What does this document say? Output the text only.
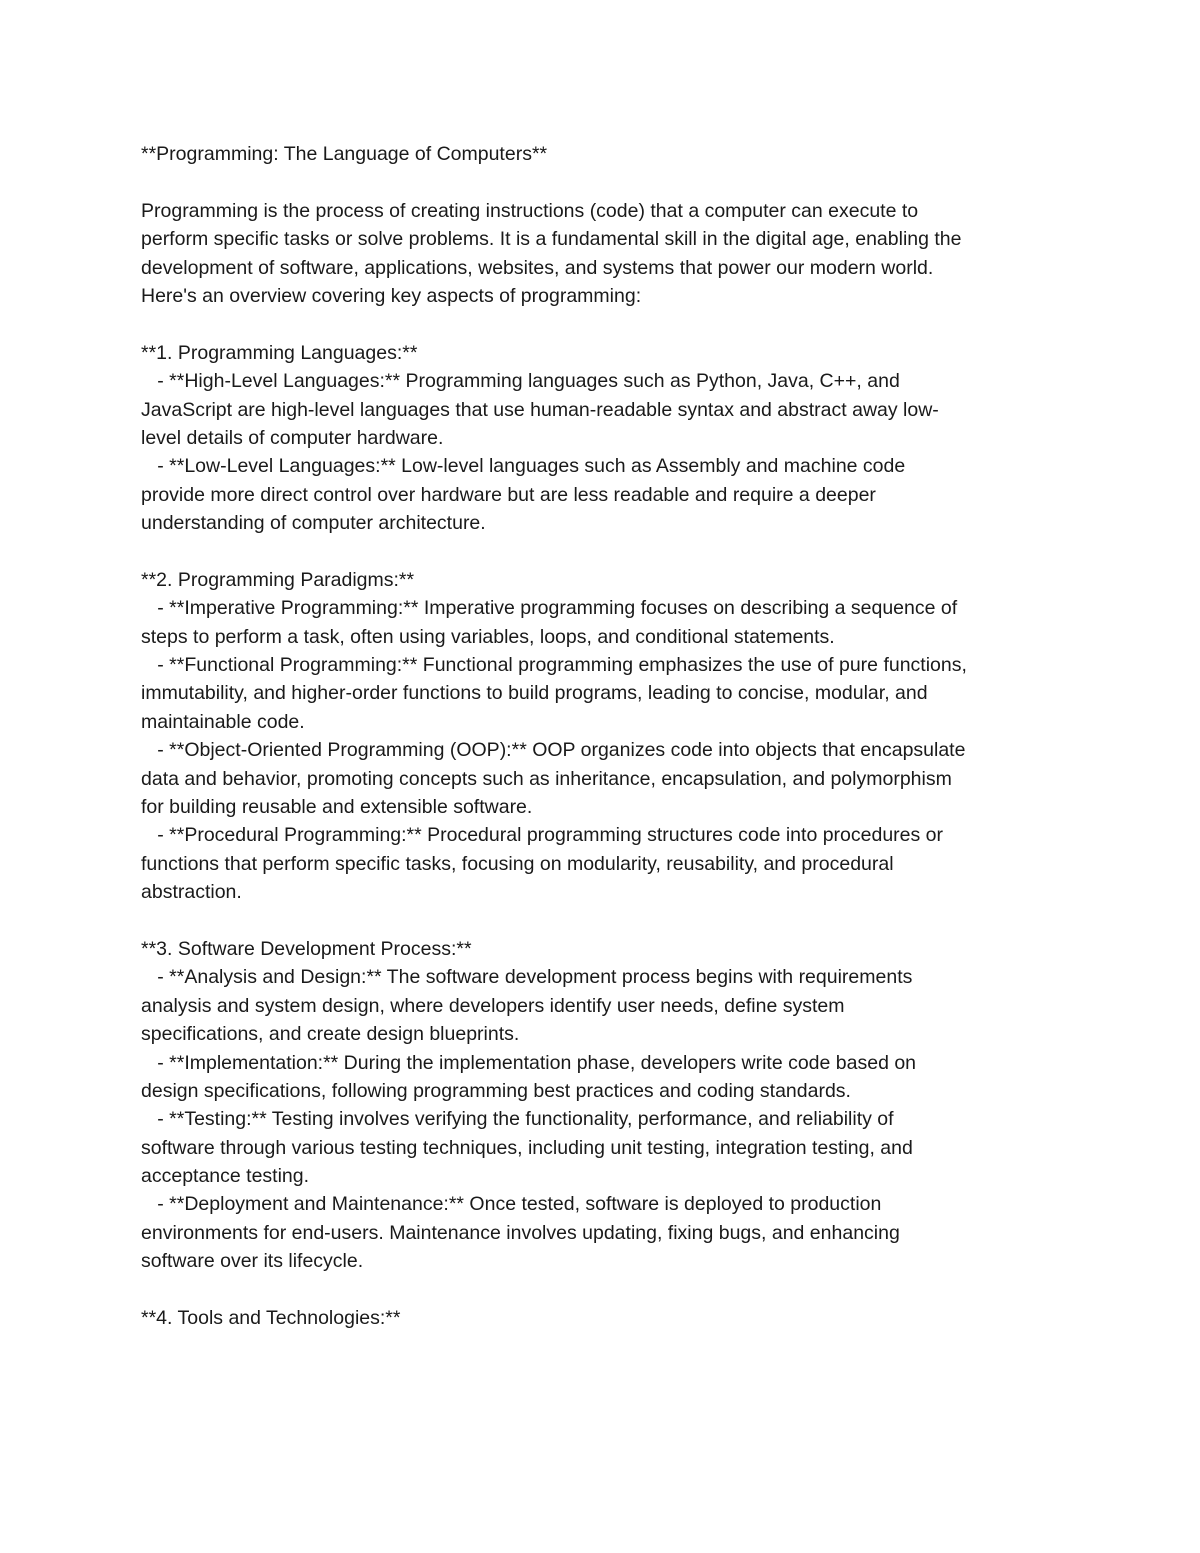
**Programming: The Language of Computers**
Programming is the process of creating instructions (code) that a computer can execute to
perform specific tasks or solve problems. It is a fundamental skill in the digital age, enabling the
development of software, applications, websites, and systems that power our modern world.
Here's an overview covering key aspects of programming:
**1. Programming Languages:**
- **High-Level Languages:** Programming languages such as Python, Java, C++, and
JavaScript are high-level languages that use human-readable syntax and abstract away low-
level details of computer hardware.
- **Low-Level Languages:** Low-level languages such as Assembly and machine code
provide more direct control over hardware but are less readable and require a deeper
understanding of computer architecture.
**2. Programming Paradigms:**
- **Imperative Programming:** Imperative programming focuses on describing a sequence of
steps to perform a task, often using variables, loops, and conditional statements.
- **Functional Programming:** Functional programming emphasizes the use of pure functions,
immutability, and higher-order functions to build programs, leading to concise, modular, and
maintainable code.
- **Object-Oriented Programming (OOP):** OOP organizes code into objects that encapsulate
data and behavior, promoting concepts such as inheritance, encapsulation, and polymorphism
for building reusable and extensible software.
- **Procedural Programming:** Procedural programming structures code into procedures or
functions that perform specific tasks, focusing on modularity, reusability, and procedural
abstraction.
**3. Software Development Process:**
- **Analysis and Design:** The software development process begins with requirements
analysis and system design, where developers identify user needs, define system
specifications, and create design blueprints.
- **Implementation:** During the implementation phase, developers write code based on
design specifications, following programming best practices and coding standards.
- **Testing:** Testing involves verifying the functionality, performance, and reliability of
software through various testing techniques, including unit testing, integration testing, and
acceptance testing.
- **Deployment and Maintenance:** Once tested, software is deployed to production
environments for end-users. Maintenance involves updating, fixing bugs, and enhancing
software over its lifecycle.
**4. Tools and Technologies:**
